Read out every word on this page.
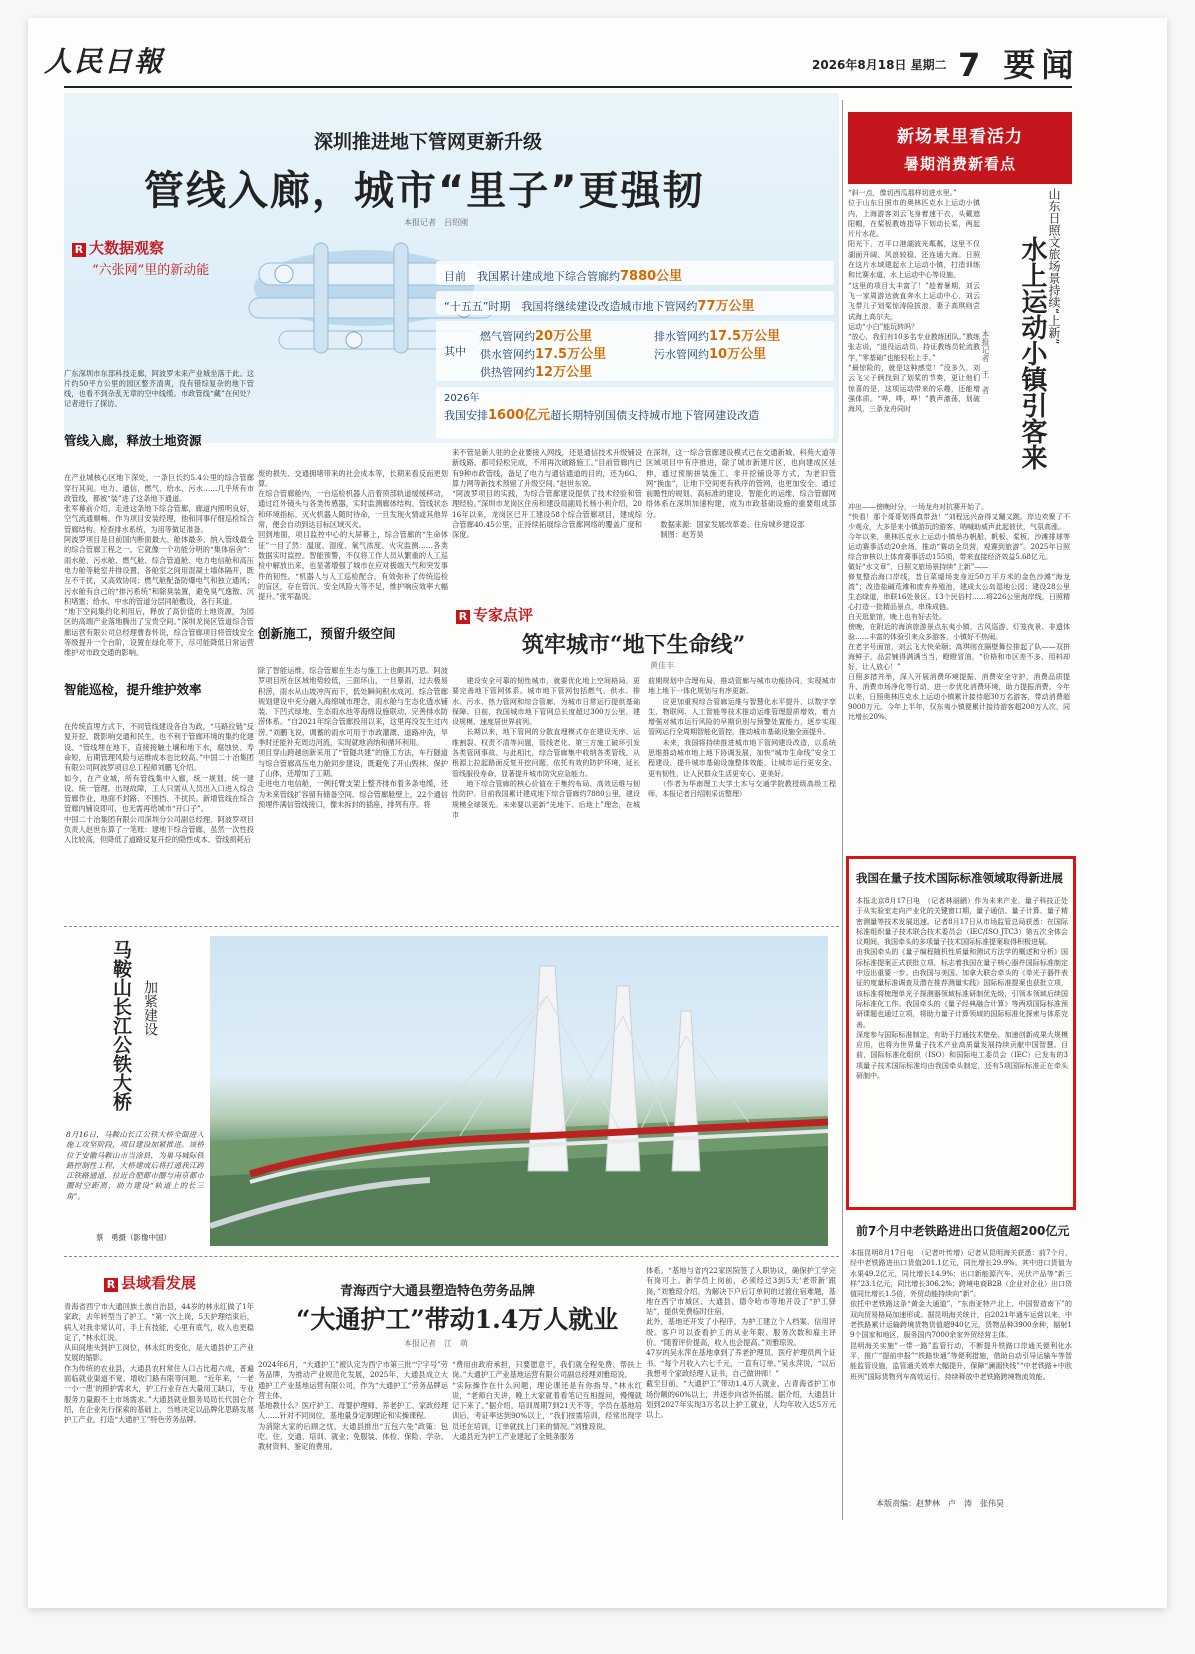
人民日報	2026年8月18日 星期二 7 要闻
深圳推进地下管网更新升级
管线入廊，城市“里子”更强韧
本报记者　吕绍刚
R 大数据观察
“六张网”里的新动能	目前　我国累计建成地下综合管廊约7880公里
“十五五”时期　我国将继续建设改造城市地下管网约77万公里
其中
燃气管网约20万公里	排水管网约17.5万公里
供水管网约17.5万公里	污水管网约10万公里
供热管网约12万公里
2026年
我国安排1600亿元超长期特别国债支持城市地下管网建设改造

广东深圳市东部科技走廊，阿波罗未来产业城坐落于此。这片约50平方公里的园区整齐清爽，没有错综复杂的地下管线，也看不到杂乱无章的空中线缆。市政管线“藏”在何处？记者进行了探访。

管线入廊，释放土地资源

在产业城核心区地下深处，一条巨长约5.4公里的综合管廊穿行其间。电力、通信、燃气、给水、污水……几乎所有市政管线，都被“装”进了这条地下通道。
张军幕前介绍，走进这条地下综合管廊，廊道内照明良好，空气流通顺畅。作为项目安装经理，他和同事仔细巡检综合管廊结构、检查排水系统，为用等做足准备。
阿波罗项目是目前国内断面最大、舱体最多、纳入管线最全的综合管廊工程之一。它就像一个功能分明的“集体宿舍”：雨水舱、污水舱、燃气舱、综合管道舱、电力电信舱和高压电力舱等舱室并排设置，各舱室之间用混凝土墙体隔开，既互不干扰，又高效协同；燃气舱配备防爆电气和独立通风；污水舱有自己的“排污系统”和除臭装置，避免臭气逸散、沉积堵塞；给水、中水的管道分层同舱敷设，各行其道。
“地下空间集约化利用后，释放了高价值的土地资源，为园区的高端产业落地腾出了宝贵空间。”深圳龙岗区管道综合管廊运营有限公司总经理曹春怀说，综合管廊项目将管线安全等级提升一个台阶，设置在绿化带下，尽可能降低日常运营维护对市政交通的影响。

智能巡检，提升维护效率

在传统直埋方式下，不同管线建设各自为政，“马路拉链”反复开挖，既影响交通和民生，也不利于管廊环境的集约化建设。“管线埋在地下，直接接触土壤和地下水，腐蚀快、寿命短，后期管理风险与运维成本也比较高。”中国二十冶集团有限公司阿波罗项目总工程师刘鹏飞介绍。
如今，在产业城，所有管线集中入廊，统一规划、统一建设、统一管理。出现故障，工人只需从人员出入口进入综合管廊作业，地面不封路、不围挡、不扰民。新增管线在综合管廊内铺设即可，也无需再给城市“开口子”。
中国二十冶集团有限公司深圳分公司副总经理、阿波罗项目负责人赵世东算了一笔账：建地下综合管廊，虽然一次性投入比较高，但降低了道路反复开挖的隐性成本、管线损耗后

废的损失、交通拥堵带来的社会成本等，长期来看反而更划算。
在综合管廊舱内，一台巡检机器人沿着顶部轨道缓缓移动，通过红外镜头与各类传感器，实时监测廊体结构、管线状态和环境指标。灭火机器人随时待命，一旦发现火情或其他异常，便会自动到达目标区域灭火。
回到地面，项目监控中心的大屏幕上，综合管廊的“生命体征”一目了然：温度、湿度、氧气浓度、火灾监测……各类数据实时监控。智能预警，不仅将工作人员从繁重的人工巡检中解放出来，也显著增强了城市在应对极端天气和突发事件的韧性。“机器人与人工巡检配合，有效弥补了传统巡检的盲区，存在管沉、安全风险大等不足，维护响应效率大幅提升。”张军磊说。

创新施工，预留升级空间

除了智能运维，综合管廊在生态与施工上也颇具巧思。阿波罗项目所在区域地势较低，三面环山，一旦暴雨，过去极易积涝，雨水从山坡冲泻而下，低处瞬间积水成河。综合管廊规划建设中充分融入海绵城市理念，雨水舱与生态化透水铺装、下凹式绿地、生态雨水池等海绵设施联动，完善排水防涝体系。“自2021年综合管廊投用以来，这里再没发生过内涝。”刘鹏飞说，调蓄的雨水可用于市政灌溉、道路冲洗，旱季时还能补充周边河流，实现就地消纳和循环利用。
项目穿山跨越创新采用了“管隧共建”的施工方法，车行隧道与综合管廊高压电力舱同步建设，既避免了开山毁林、保护了山体，还增加了工期。
走进电力电信舱，一例托臂支架上整齐排布着多条电缆，还为未来管线扩容留有储备空间。综合管廊舱壁上，22个通信预埋件满信管线接口，像未拆封的插座，排列有序。将

来不管是新人驻的企业要接入网线，还是通信技术升级铺设新线路，都可轻松完成，不用再次破路施工。”目前管廊内已有9种市政管线，备足了电力与通信通道的目的，还为6G、算力网等新技术预留了升级空间。”赵世东说。
“阿波罗项目的实践，为综合管廊建设提供了技术经验和管理经验。”深圳市龙岗区住房和建设局副局长杨小利介绍，2016年以来，龙岗区已开工建设58个综合管廊项目，建成综合管廊40.45公里，正持续拓展综合管廊网络的覆盖广度和深度。
在深圳，这一综合管廊建设模式已在交通新城、科苑大道等区域项目中有序推进，除了城市新建片区，也向建成区延伸，通过预制拼装施工、非开挖铺设等方式，为老旧管网“换血”，让地下空间更有秩序的管网，也更加安全。通过前瞻性的规划、高标准的建设、智能化的运维，综合管廊网络体系在深圳加速构建，成为市政基础设施的重要组成部分。
　　数据来源：国家发展改革委、住房城乡建设部
　　制图：赵芳昊
R 专家点评
筑牢城市“地下生命线”
黄佳丰
　　建设安全可靠的韧性城市，就要优化地上空间格局，更要完善地下管网体系。城市地下管网包括燃气、供水、排水、污水、热力管网和综合管廊，为城市日常运行提供基础保障。目前，我国城市地下管网总长度超过300万公里，建设规模、速度居世界前列。
　　长期以来，地下管网的分散直埋模式存在建设无序、运维割裂、权责不清等问题，管线老化、第三方施工破坏引发各类管网事故。与此相比，综合管廊集中收纳各类管线，从根源上拉起路面反复开挖问题，依托有效的防护环境，延长管线服役寿命，显著提升城市防灾应急能力。
　　地下综合管廊的核心价值在于集约布局、高效运维与韧性防护。目前我国累计建成地下综合管廊约7880公里，建设规模全球领先。未来要以更新“先地下、后地上”理念，在城市
前期规划中合理布局，推动管廊与城市功能协同，实现城市地上地下一体化规划与有序更新。
　　应更加重视综合管廊运维与智慧化水平提升，以数字孪生、物联网、人工智能等技术推动运维管理提质增效，着力增强对城市运行风险的早期识别与预警处置能力，逐步实现管网运行全周期智能化管控，推动城市基础设施全面提升。
　　未来，我国将持续推进城市地下管网建设改造，以系统思维推动城市地上地下协调发展，加快“城市生命线”安全工程建设，提升城市基础设施整体效能，让城市运行更安全、更有韧性，让人民群众生活更安心、更美好。
　　（作者为华南理工大学土木与交通学院教授级高级工程师，本报记者吕绍刚采访整理）
马鞍山长江公铁大桥 加紧建设
8月16日，马鞍山长江公铁大桥全面进入施工攻坚阶段，项目建设加紧推进。该桥位于安徽马鞍山市当涂县，为巢马城际铁路控制性工程，大桥建成后将打通我江跨江铁路通道，拉近合肥都市圈与南京都市圈时空距离，助力建设“轨道上的长三角”。
蔡　勇摄（影像中国）
R 县域看发展	青海西宁大通县塑造特色劳务品牌
“大通护工”带动1.4万人就业
本报记者　江　萌
青海省西宁市大通回族土族自治县，44岁的林永红做了1年家政，去年转型当了护工。“第一次上岗，5天护理结束后，病人对我非常认可。手上有技能，心里有底气，收入也更稳定了，”林永红说。
从田间地头到护工岗位，林永红的变化，是大通县护工产业发展的缩影。
作为传统的农业县，大通县农村常住人口占比超六成，普遍面临就业渠道不宽、增收门路有限等问题。“近年来，‘一老一小一患’的照护需求大，护工行业存在大量用工缺口，专业服务力量跟不上市场需求。”大通县就业服务局局长代国仑介绍，在企业先行探索的基础上，当地决定以品牌化思路发展护工产业，打造“大通护工”特色劳务品牌。
2024年6月，“大通护工”被认定为西宁市第三批“宁字号”劳务品牌，为推动产业规范化发展，2025年，大通县成立大通护工产业基地运营有限公司，作为“大通护工”劳务品牌运营主体。
基地教什么？医疗护工、母婴护理师、养老护工、家政经理人……针对不同岗位，基地量身定制理论和实操课程。
为消除大家的后顾之忧，大通县推出“五包六免”政策：包吃、住、交通、培训、就业；免服装、体检、保险、学杂、教材资料、鉴定的费用。
“费用由政府承担，只要愿意干，我们就全程免费、帮扶上岗。”大通护工产业基地运营有限公司副总经理刘雅琼说。
“实际操作在什么问题，理论课还是有你指导。”林永红说，“老师白天讲，晚上大家就着看笔记互相提问，慢慢就记下来了。”据介绍，培训周期7到21天不等，学员在基地培训后，考证率达到90%以上，“我们按需培训，经常出现学员还在培训，订单就找上门来的情况。”刘雅琼说。
大通县近为护工产业建起了全链条服务
体系。“基地与省内22家医院签了入职协议，确保护工学完有岗可上。新学员上岗前，必须经过3到5天‘老带新’跟岗，”刘雅琼介绍。为解决下户后订单间的过渡住宿难题，基地在西宁市城区、大通县、德令哈市等地开设了“护工驿站”，提供免费临时住宿。
此外，基地还开发了小程序，为护工建立个人档案、信用评级。客户可以查看护工的从业年限、服务次数和雇主评价。“随着评价提高，收入也会提高。”刘雅琼说。
47岁的吴永萍在基地拿到了养老护理员、医疗护理员两个证书。“每个月收入六七千元，一直有订单。”吴永萍说，“以后我想考个家政经理人证书，自己做讲师！”
截至目前，“大通护工”带动1.4万人就业，占青海省护工市场份额的60%以上，并逐步向省外拓展。据介绍，大通县计划到2027年实现3万名以上护工就业，人均年收入达5万元以上。
新场景里看活力
暑期消费新看点
山东日照文旅场景持续“上新”
水上运动小镇引客来
本报记者　王　者
“斜一点，像切西瓜那样切进水里。”
位于山东日照市的奥林匹克水上运动小镇内，上海游客刘云飞身着速干衣，头戴遮阳帽，在桨板教练指导下划动长桨，两起片片水花。
阳光下，万平口港湖波光粼粼，这里不仅湖面开阔、风浪较稳，还连通大海。日照在这片水域建起水上运动小镇，打造训练和比赛水道、水上运动中心等设施。
“这里的项目太丰富了！”趁着暑期，刘云飞一家周游达就直奔水上运动中心，刘云飞带儿子划桨惊涛险拔浪，妻子高琪则尝试海上高尔夫。
运动“小白”能玩转吗？
“放心，我们有10多名专业教练团队。”教练张志说，“退役运动员、持证教练员轮流教学，”零基础”也能轻松上手。”
“最惊险的，就是这种感觉！”没多久，刘云飞父子俩找到了划桨的节奏，更让他们惊喜的是，这项运动带来的乐趣，还能增强体质。“哗，哗，哗！”教声激荡，划破海风，三条龙舟同时
冲出——傍晚时分，一场龙舟对抗赛开始了。
“快看！那个哥哥划得真带劲！”刘程远兴奋得又蹦又跳。岸边欢聚了不少观众，大多是来小镇游玩的游客，呐喊助威声此起彼伏，气氛高涨。
今年以来，奥林匹克水上运动小镇举办帆船、帆板、桨板、沙滩排球等运动赛事活动20余场，推动“赛动全员营，观赛到旅游”。2025年日照综合审核以上体育赛事活动155项，带来直接经济效益5.68亿元。
做好“水文章”，日照文旅场景持续“上新”——
修复整治海口岸线，昔日菜墟场变身近50万平方米的金色沙滩“海龙湾”；改造盐碱荒滩和废弃养殖池，建成太公岛湿地公园；建设28公里生态绿道，串联16处景区、13个民俗村……将226公里海岸线，日照精心打造一批精品景点，串珠成链。
白天逛旅馆，晚上也有好去处。
傍晚，在附近的海滨旅游景点东夷小镇，古风巡游、灯笼夜景、非遗体验……丰富的体验引来众多游客，小镇好不热闹。
在老字号面馆，刘云飞大快朵颐；高琪则在隔壁舞位排起了队——双拼海鲜子，品尝铺得满满当当，瞪瞪冒油，“价格和市区差不多，用料却好，让人放心！”
日照多措并举，深入开展消费环境提振、消费安全守护、消费品质提升、消费市场净化等行动，进一步优化消费环境，助力提振消费。今年以来，日照奥林匹克水上运动小镇累计接待超30万名游客，带动消费超9000万元。今年上半年，仅东夷小镇便累计接待游客超200万人次，同比增长20%。
我国在量子技术国际标准领域取得新进展
本报北京8月17日电　（记者林丽鹂）作为未来产业，量子科技正处于从实验室走向产业化的关键窗口期，量子通信、量子计算、量子精密测量等技术发展迅速。记者8月17日从市场监管总局获悉：在国际标准组织量子技术联合技术委员会（IEC/ISO JTC3）第五次全体会议期间，我国牵头的多项量子技术国际标准提案取得积极进展。
由我国牵头的《量子编程随机性质量和测试方法学的概述和分析》国际标准提案正式获批立项，标志着我国在量子核心器件国际标准制定中迈出重要一步。由我国与美国、加拿大联合牵头的《单光子器件表征的度量标准调查及潜在推荐测量实践》国际标准提案也获批立项，该标准将梳理单光子探测器领域标准研制优先级，引领本领域后续国际标准化工作。我国牵头的《量子经典融合计算》等两项国际标准预研课题也通过立项，将助力量子计算领域的国际标准化探索与体系完善。
深度参与国际标准制定，有助于打通技术壁垒、加速创新成果大规模应用，也将为世界量子技术产业高质量发展持续贡献中国智慧。目前，国际标准化组织（ISO）和国际电工委员会（IEC）已发布的3项量子技术国际标准均由我国牵头制定，还有5项国际标准正在牵头研制中。
前7个月中老铁路进出口货值超200亿元
本报昆明8月17日电　（记者叶传增）记者从昆明海关获悉：前7个月，经中老铁路进出口货值201.1亿元，同比增长29.9%。其中进口货值为水果49.2亿元，同比增长14.9%；出口新能源汽车、光伏产品等“新三样”23.1亿元，同比增长306.2%；跨境电商B2B（企业对企业）出口货值同比增长1.5倍，外贸动能持续向“新”。
依托中老铁路这条“黄金大通道”，“东南亚特产北上、中国智造南下”的双向贸易格局加速形成。据昆明海关统计，自2021年通车运营以来，中老铁路累计运输跨境货物货值超940亿元，货物品种3900余种，辐射19个国家和地区，服务国内7000余家外贸经营主体。
昆明海关实施“一带一路”监管行动，不断提升铁路口岸通关便利化水平，推广“提前申报”“铁路快通”等便利措施，借助自动引导运输车等智能监管设施，监管通关效率大幅提升，保障“澜湄快线”“中老铁路+中欧班列”国际货物列车高效运行，持续释放中老铁路跨境物流效能。
本版责编：赵梦林　卢　涛　张伟昊
